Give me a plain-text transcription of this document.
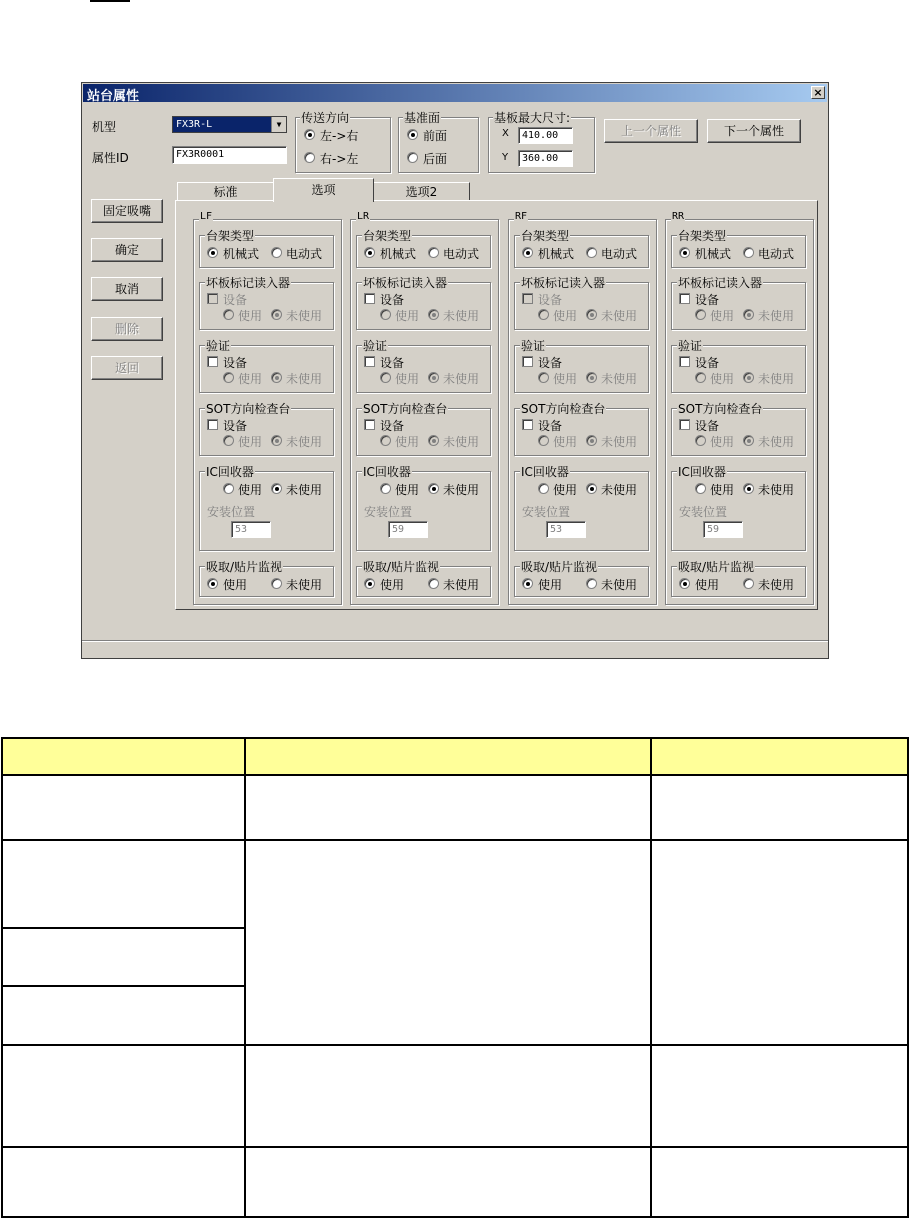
站台属性	×
机型	FX3R-L	▼
属性ID	FX3R0001
传送方向
左->右
右->左
基准面
前面
后面
基板最大尺寸:
X	410.00
Y	360.00
上一个属性	下一个属性
固定吸嘴
确定
取消
删除
返回
标准	选项	选项2
LF
台架类型
机械式 电动式
坏板标记读入器
设备
使用 未使用
验证
设备
使用 未使用
SOT方向检查台
设备
使用 未使用
IC回收器
使用 未使用
安装位置
53
吸取/贴片监视
使用	未使用
LR
台架类型
机械式 电动式
坏板标记读入器
设备
使用 未使用
验证
设备
使用 未使用
SOT方向检查台
设备
使用 未使用
IC回收器
使用 未使用
安装位置
59
吸取/贴片监视
使用	未使用
RF
台架类型
机械式 电动式
坏板标记读入器
设备
使用 未使用
验证
设备
使用 未使用
SOT方向检查台
设备
使用 未使用
IC回收器
使用 未使用
安装位置
53
吸取/贴片监视
使用	未使用
RR
台架类型
机械式 电动式
坏板标记读入器
设备
使用 未使用
验证
设备
使用 未使用
SOT方向检查台
设备
使用 未使用
IC回收器
使用 未使用
安装位置
59
吸取/贴片监视
使用	未使用
